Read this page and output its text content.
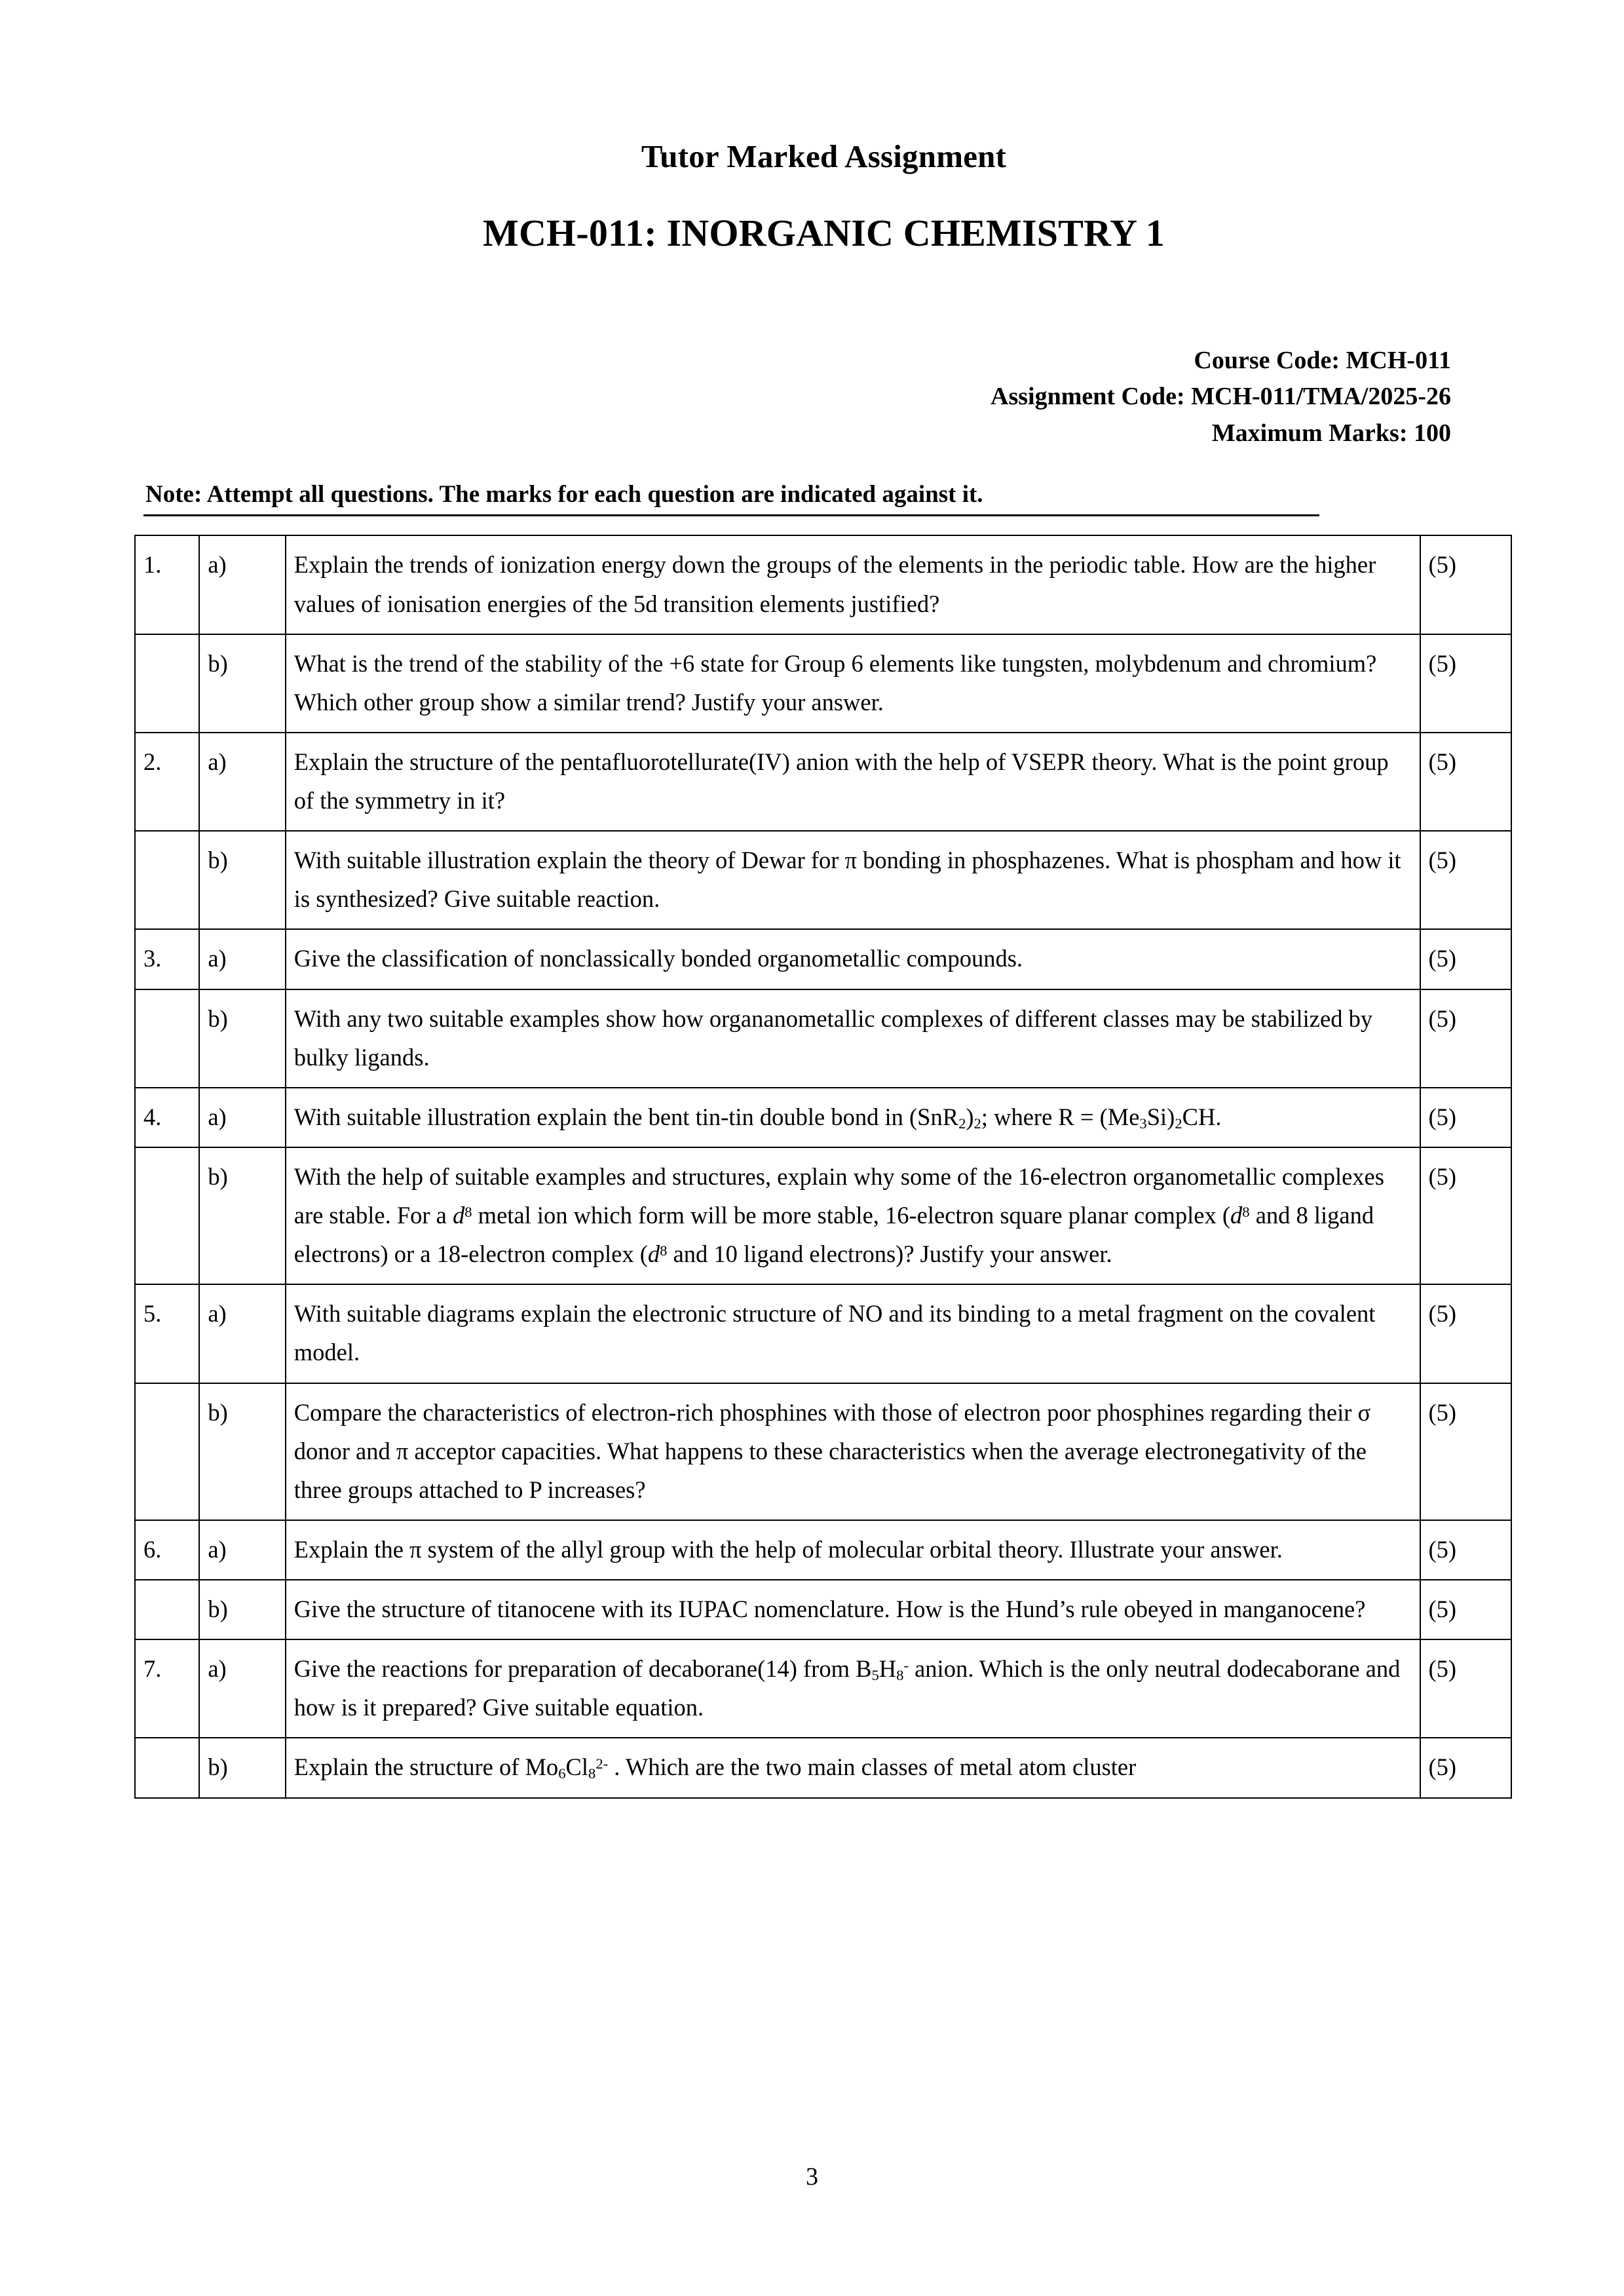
Tutor Marked Assignment
MCH-011: INORGANIC CHEMISTRY 1
Course Code: MCH-011
Assignment Code: MCH-011/TMA/2025-26
Maximum Marks: 100
Note: Attempt all questions. The marks for each question are indicated against it.
1.	a)	Explain the trends of ionization energy down the groups of the elements in the periodic table. How are the higher values of ionisation energies of the 5d transition elements justified?	(5)
	b)	What is the trend of the stability of the +6 state for Group 6 elements like tungsten, molybdenum and chromium? Which other group show a similar trend? Justify your answer.	(5)
2.	a)	Explain the structure of the pentafluorotellurate(IV) anion with the help of VSEPR theory. What is the point group of the symmetry in it?	(5)
	b)	With suitable illustration explain the theory of Dewar for π bonding in phosphazenes. What is phospham and how it is synthesized? Give suitable reaction.	(5)
3.	a)	Give the classification of nonclassically bonded organometallic compounds.	(5)
	b)	With any two suitable examples show how organanometallic complexes of different classes may be stabilized by bulky ligands.	(5)
4.	a)	With suitable illustration explain the bent tin-tin double bond in $(SnR_2)_2$; where $R = (Me_3Si)_2CH$.	(5)
	b)	With the help of suitable examples and structures, explain why some of the 16-electron organometallic complexes are stable. For a $d^8$ metal ion which form will be more stable, 16-electron square planar complex ($d^8$ and 8 ligand electrons) or a 18-electron complex ($d^8$ and 10 ligand electrons)? Justify your answer.	(5)
5.	a)	With suitable diagrams explain the electronic structure of NO and its binding to a metal fragment on the covalent model.	(5)
	b)	Compare the characteristics of electron-rich phosphines with those of electron poor phosphines regarding their σ donor and π acceptor capacities. What happens to these characteristics when the average electronegativity of the three groups attached to P increases?	(5)
6.	a)	Explain the π system of the allyl group with the help of molecular orbital theory. Illustrate your answer.	(5)
	b)	Give the structure of titanocene with its IUPAC nomenclature. How is the Hund’s rule obeyed in manganocene?	(5)
7.	a)	Give the reactions for preparation of decaborane(14) from $B_5H_8^-$ anion. Which is the only neutral dodecaborane and how is it prepared? Give suitable equation.	(5)
	b)	Explain the structure of $Mo_6Cl_8^{2-}$ . Which are the two main classes of metal atom cluster	(5)
3
